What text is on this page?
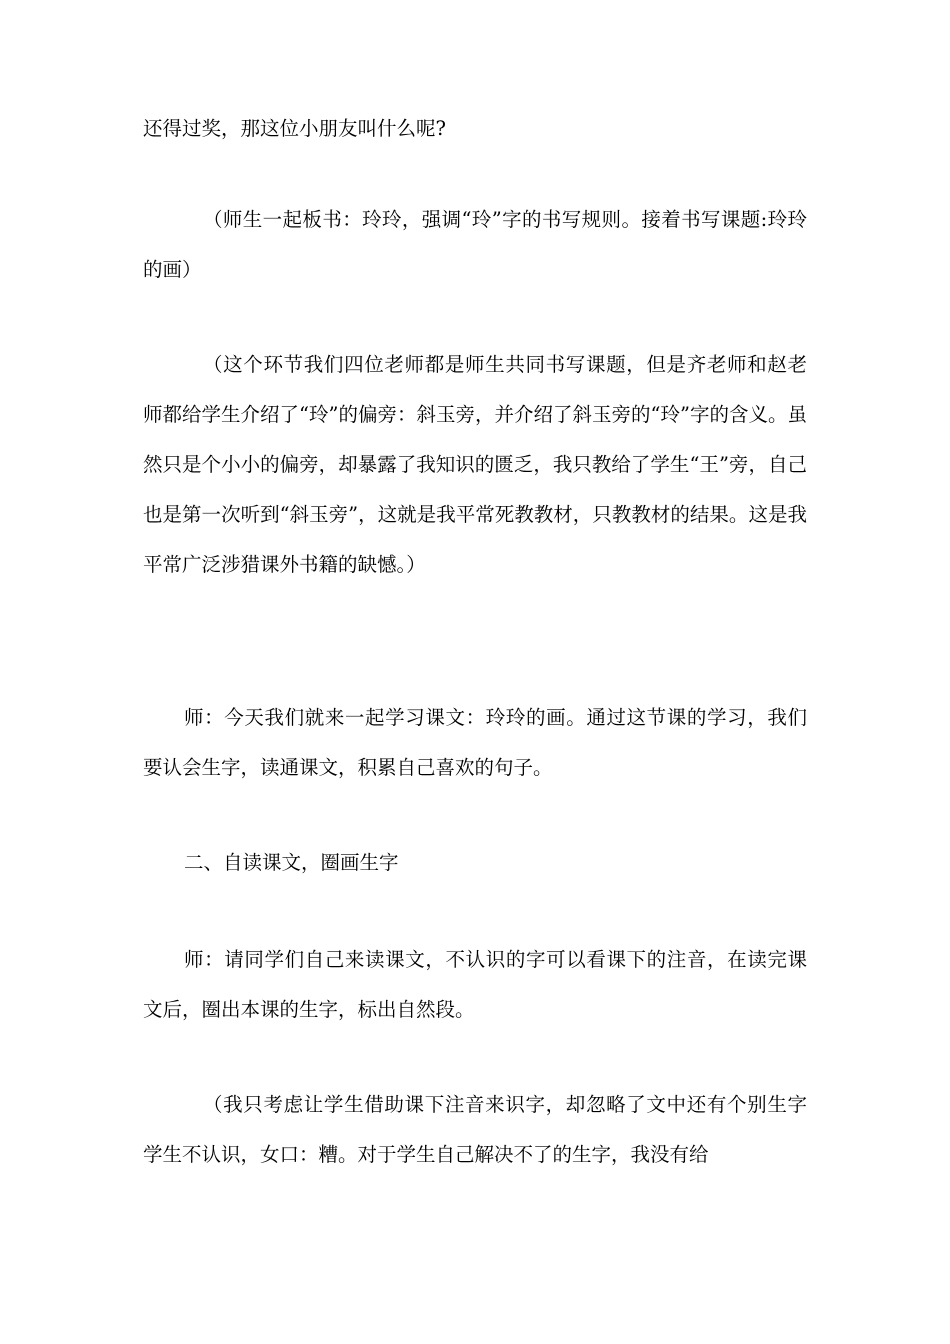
还得过奖，那这位小朋友叫什么呢?

（师生一起板书：玲玲，强调“玲”字的书写规则。接着书写课题:玲玲的画）

（这个环节我们四位老师都是师生共同书写课题，但是齐老师和赵老师都给学生介绍了“玲”的偏旁：斜玉旁，并介绍了斜玉旁的“玲”字的含义。虽然只是个小小的偏旁，却暴露了我知识的匮乏，我只教给了学生“王”旁，自己也是第一次听到“斜玉旁”，这就是我平常死教教材，只教教材的结果。这是我平常广泛涉猎课外书籍的缺憾。）

师：今天我们就来一起学习课文：玲玲的画。通过这节课的学习，我们要认会生字，读通课文，积累自己喜欢的句子。

二、自读课文，圈画生字

师：请同学们自己来读课文，不认识的字可以看课下的注音，在读完课文后，圈出本课的生字，标出自然段。

（我只考虑让学生借助课下注音来识字，却忽略了文中还有个别生字学生不认识，女口：糟。对于学生自己解决不了的生字，我没有给
